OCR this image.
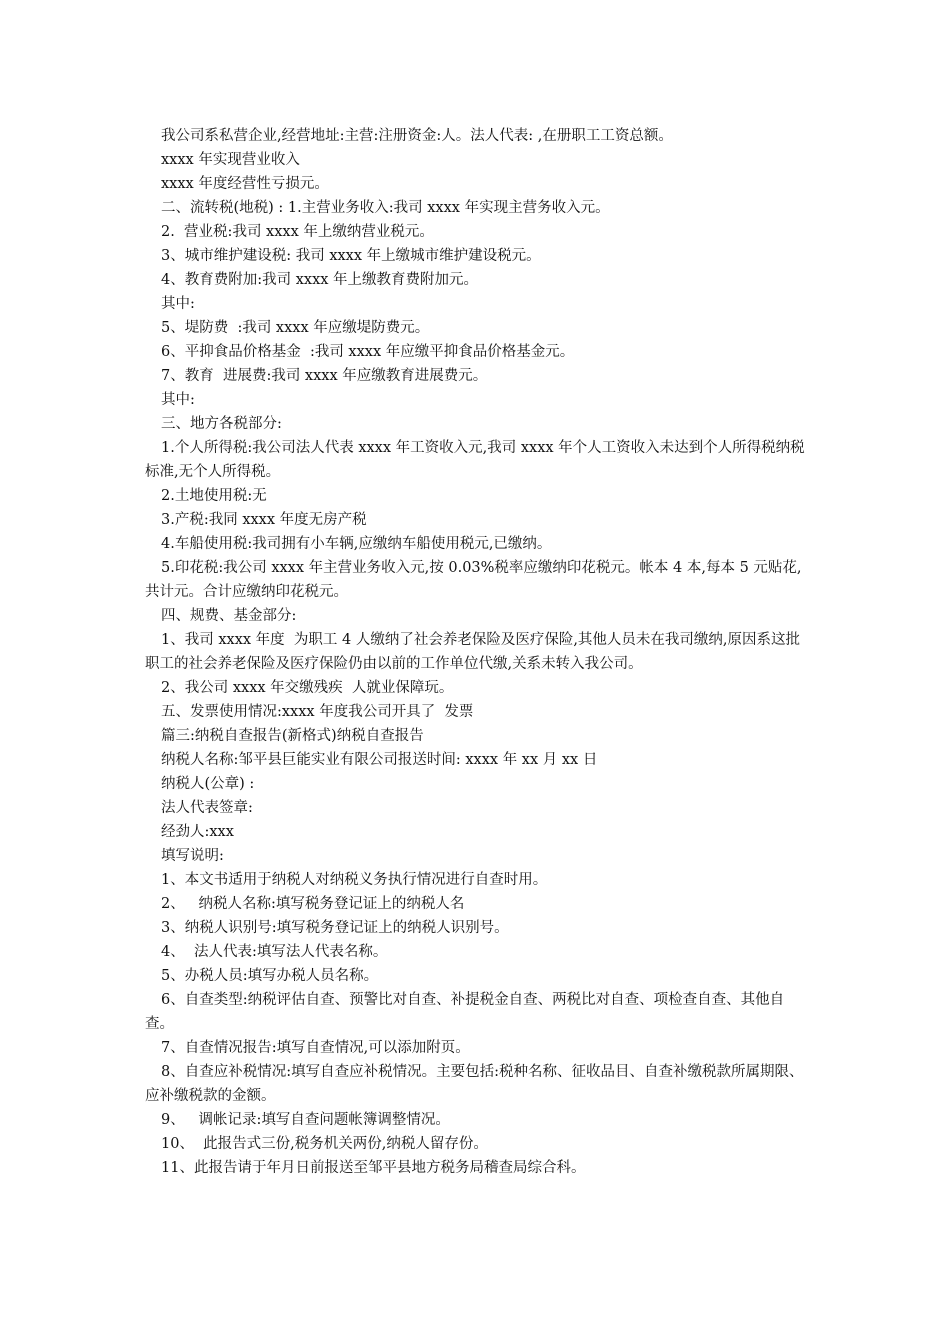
我公司系私营企业,经营地址:主营:注册资金:人。法人代表: ,在册职工工资总额。

xxxx 年实现营业收入

xxxx 年度经营性亏损元。

二、流转税(地税) : 1.主营业务收入:我司 xxxx 年实现主营务收入元。

2.  营业税:我司 xxxx 年上缴纳营业税元。

3、城市维护建设税: 我司 xxxx 年上缴城市维护建设税元。

4、教育费附加:我司 xxxx 年上缴教育费附加元。

其中:

5、堤防费  :我司 xxxx 年应缴堤防费元。

6、平抑食品价格基金  :我司 xxxx 年应缴平抑食品价格基金元。

7、教育  进展费:我司 xxxx 年应缴教育进展费元。

其中:

三、地方各税部分:

1.个人所得税:我公司法人代表 xxxx 年工资收入元,我司 xxxx 年个人工资收入未达到个人所得税纳税标准,无个人所得税。

2.土地使用税:无

3.产税:我同 xxxx 年度无房产税

4.车船使用税:我司拥有小车辆,应缴纳车船使用税元,已缴纳。

5.印花税:我公司 xxxx 年主营业务收入元,按 0.03%税率应缴纳印花税元。帐本 4 本,每本 5 元贴花,共计元。合计应缴纳印花税元。

四、规费、基金部分:

1、我司 xxxx 年度  为职工 4 人缴纳了社会养老保险及医疗保险,其他人员未在我司缴纳,原因系这批职工的社会养老保险及医疗保险仍由以前的工作单位代缴,关系未转入我公司。

2、我公司 xxxx 年交缴残疾  人就业保障玩。

五、发票使用情况:xxxx 年度我公司开具了  发票

篇三:纳税自查报告(新格式)纳税自查报告

纳税人名称:邹平县巨能实业有限公司报送时间: xxxx 年 xx 月 xx 日

纳税人(公章) :

法人代表签章:

经劲人:xxx

填写说明:

1、本文书适用于纳税人对纳税义务执行情况进行自查时用。

2、   纳税人名称:填写税务登记证上的纳税人名

3、纳税人识别号:填写税务登记证上的纳税人识别号。

4、  法人代表:填写法人代表名称。

5、办税人员:填写办税人员名称。

6、自查类型:纳税评估自查、预警比对自查、补提税金自查、两税比对自查、项检查自查、其他自查。

7、自查情况报告:填写自查情况,可以添加附页。

8、自查应补税情况:填写自查应补税情况。主要包括:税种名称、征收品目、自查补缴税款所属期限、应补缴税款的金额。

9、   调帐记录:填写自查问题帐簿调整情况。

10、  此报告式三份,税务机关两份,纳税人留存份。

11、此报告请于年月日前报送至邹平县地方税务局稽查局综合科。
